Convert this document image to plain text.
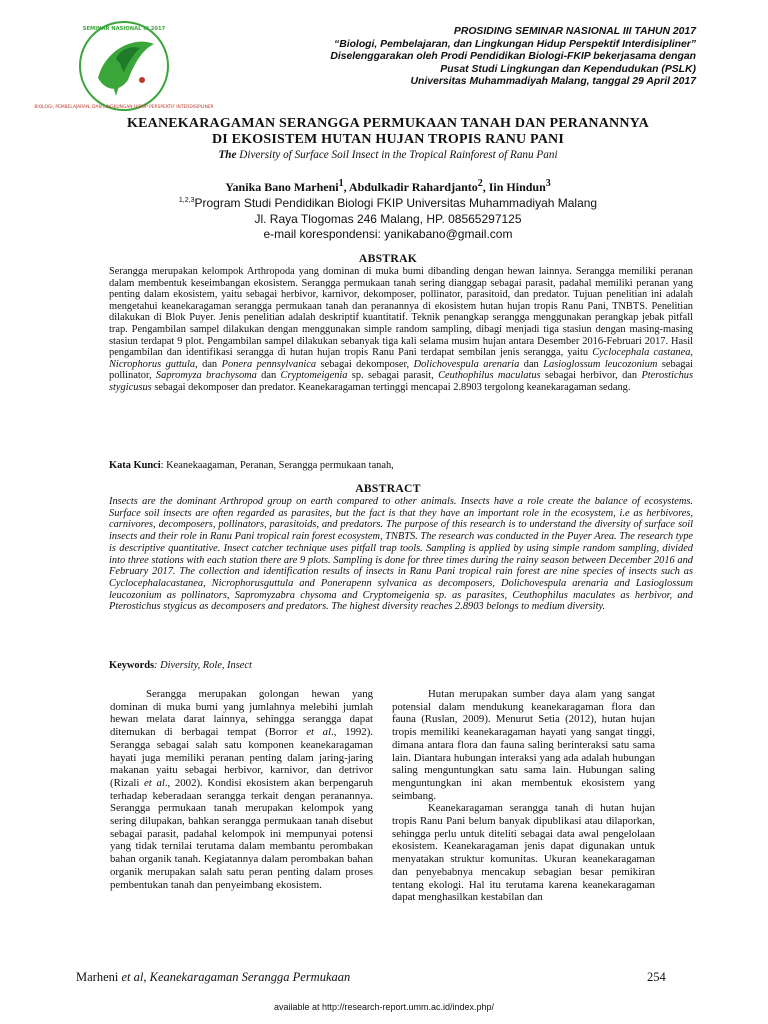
BIOLOGI, PEMBELAJARAN, DAN LINGKUNGAN HIDUP PERSPEKTIF INTERDISIPLINER
SEMINAR NASIONAL III 2017	PROSIDING SEMINAR NASIONAL III TAHUN 2017
“Biologi, Pembelajaran, dan Lingkungan Hidup Perspektif Interdisipliner”
Diselenggarakan oleh Prodi Pendidikan Biologi-FKIP bekerjasama dengan
Pusat Studi Lingkungan dan Kependudukan (PSLK)
Universitas Muhammadiyah Malang, tanggal 29 April 2017
KEANEKARAGAMAN SERANGGA PERMUKAAN TANAH DAN PERANANNYA
DI EKOSISTEM HUTAN HUJAN TROPIS RANU PANI
The Diversity of Surface Soil Insect in the Tropical Rainforest of Ranu Pani
Yanika Bano Marheni$^1$, Abdulkadir Rahardjanto$^2$, Iin Hindun$^3$
$^{1,2,3}$Program Studi Pendidikan Biologi FKIP Universitas Muhammadiyah Malang
Jl. Raya Tlogomas 246 Malang, HP. 08565297125
e-mail korespondensi: yanikabano@gmail.com
ABSTRAK
Serangga merupakan kelompok Arthropoda yang dominan di muka bumi dibanding dengan hewan lainnya. Serangga memiliki peranan dalam membentuk keseimbangan ekosistem. Serangga permukaan tanah sering dianggap sebagai parasit, padahal memiliki peranan yang penting dalam ekosistem, yaitu sebagai herbivor, karnivor, dekomposer, pollinator, parasitoid, dan predator. Tujuan penelitian ini adalah mengetahui keanekaragaman serangga permukaan tanah dan peranannya di ekosistem hutan hujan tropis Ranu Pani, TNBTS. Penelitian dilakukan di Blok Puyer. Jenis penelitian adalah deskriptif kuantitatif. Teknik penangkap serangga menggunakan perangkap jebak pitfall trap. Pengambilan sampel dilakukan dengan menggunakan simple random sampling, dibagi menjadi tiga stasiun dengan masing-masing stasiun terdapat 9 plot. Pengambilan sampel dilakukan sebanyak tiga kali selama musim hujan antara Desember 2016-Februari 2017. Hasil pengambilan dan identifikasi serangga di hutan hujan tropis Ranu Pani terdapat sembilan jenis serangga, yaitu Cyclocephala castanea, Nicrophorus guttula, dan Ponera pennsylvanica sebagai dekomposer, Dolichovespula arenaria dan Lasioglossum leucozonium sebagai pollinator, Sapromyza brachysoma dan Cryptomeigenia sp. sebagai parasit, Ceuthophilus maculatus sebagai herbivor, dan Pterostichus stygicusus sebagai dekomposer dan predator. Keanekaragaman tertinggi mencapai 2.8903 tergolong keanekaragaman sedang.
Kata Kunci: Keanekaagaman, Peranan, Serangga permukaan tanah,
ABSTRACT
Insects are the dominant Arthropod group on earth compared to other animals. Insects have a role create the balance of ecosystems. Surface soil insects are often regarded as parasites, but the fact is that they have an important role in the ecosystem, i.e as herbivores, carnivores, decomposers, pollinators, parasitoids, and predators. The purpose of this research is to understand the diversity of surface soil insects and their role in Ranu Pani tropical rain forest ecosystem, TNBTS. The research was conducted in the Puyer Area. The research type is descriptive quantitative. Insect catcher technique uses pitfall trap tools. Sampling is applied by using simple random sampling, divided into three stations with each station there are 9 plots. Sampling is done for three times during the rainy season between December 2016 and February 2017. The collection and identification results of insects in Ranu Pani tropical rain forest are nine species of insects such as Cyclocephalacastanea, Nicrophorusguttula and Ponerapenn sylvanica as decomposers, Dolichovespula arenaria and Lasioglossum leucozonium as pollinators, Sapromyzabra chysoma and Cryptomeigenia sp. as parasites, Ceuthophilus maculates as herbivor, and Pterostichus stygicus as decomposers and predators. The highest diversity reaches 2.8903 belongs to medium diversity.
Keywords: Diversity, Role, Insect

Serangga merupakan golongan hewan yang dominan di muka bumi yang jumlahnya melebihi jumlah hewan melata darat lainnya, sehingga serangga dapat ditemukan di berbagai tempat (Borror et al., 1992). Serangga sebagai salah satu komponen keanekaragaman hayati juga memiliki peranan penting dalam jaring-jaring makanan yaitu sebagai herbivor, karnivor, dan detrivor (Rizali et al., 2002). Kondisi ekosistem akan berpengaruh terhadap keberadaan serangga terkait dengan peranannya. Serangga permukaan tanah merupakan kelompok yang sering dilupakan, bahkan serangga permukaan tanah disebut sebagai parasit, padahal kelompok ini mempunyai potensi yang tidak ternilai terutama dalam membantu perombakan bahan organik tanah. Kegiatannya dalam perombakan bahan organik merupakan salah satu peran penting dalam proses pembentukan tanah dan penyeimbang ekosistem.

Hutan merupakan sumber daya alam yang sangat potensial dalam mendukung keanekaragaman flora dan fauna (Ruslan, 2009). Menurut Setia (2012), hutan hujan tropis memiliki keanekaragaman hayati yang sangat tinggi, dimana antara flora dan fauna saling berinteraksi satu sama lain. Diantara hubungan interaksi yang ada adalah hubungan saling menguntungkan satu sama lain. Hubungan saling menguntungkan ini akan membentuk ekosistem yang seimbang.

Keanekaragaman serangga tanah di hutan hujan tropis Ranu Pani belum banyak dipublikasi atau dilaporkan, sehingga perlu untuk diteliti sebagai data awal pengelolaan ekosistem. Keanekaragaman jenis dapat digunakan untuk menyatakan struktur komunitas. Ukuran keanekaragaman dan penyebabnya mencakup sebagian besar pemikiran tentang ekologi. Hal itu terutama karena keanekaragaman dapat menghasilkan kestabilan dan

Marheni et al, Keanekaragaman Serangga Permukaan	254
available at http://research-report.umm.ac.id/index.php/
